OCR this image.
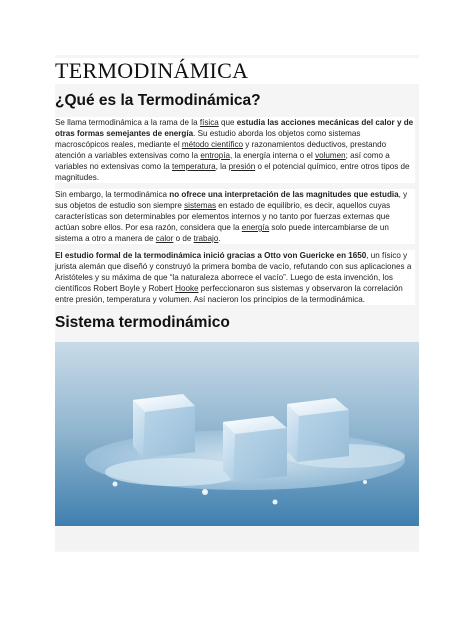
TERMODINÁMICA
¿Qué es la Termodinámica?
Se llama termodinámica a la rama de la física que estudia las acciones mecánicas del calor y de otras formas semejantes de energía. Su estudio aborda los objetos como sistemas macroscópicos reales, mediante el método científico y razonamientos deductivos, prestando atención a variables extensivas como la entropía, la energía interna o el volumen; así como a variables no extensivas como la temperatura, la presión o el potencial químico, entre otros tipos de magnitudes.
Sin embargo, la termodinámica no ofrece una interpretación de las magnitudes que estudia, y sus objetos de estudio son siempre sistemas en estado de equilibrio, es decir, aquellos cuyas características son determinables por elementos internos y no tanto por fuerzas externas que actúan sobre ellos. Por esa razón, considera que la energía solo puede intercambiarse de un sistema a otro a manera de calor o de trabajo.
El estudio formal de la termodinámica inició gracias a Otto von Guericke en 1650, un físico y jurista alemán que diseñó y construyó la primera bomba de vacío, refutando con sus aplicaciones a Aristóteles y su máxima de que “la naturaleza aborrece el vacío”. Luego de esta invención, los científicos Robert Boyle y Robert Hooke perfeccionaron sus sistemas y observaron la correlación entre presión, temperatura y volumen. Así nacieron los principios de la termodinámica.
Sistema termodinámico
